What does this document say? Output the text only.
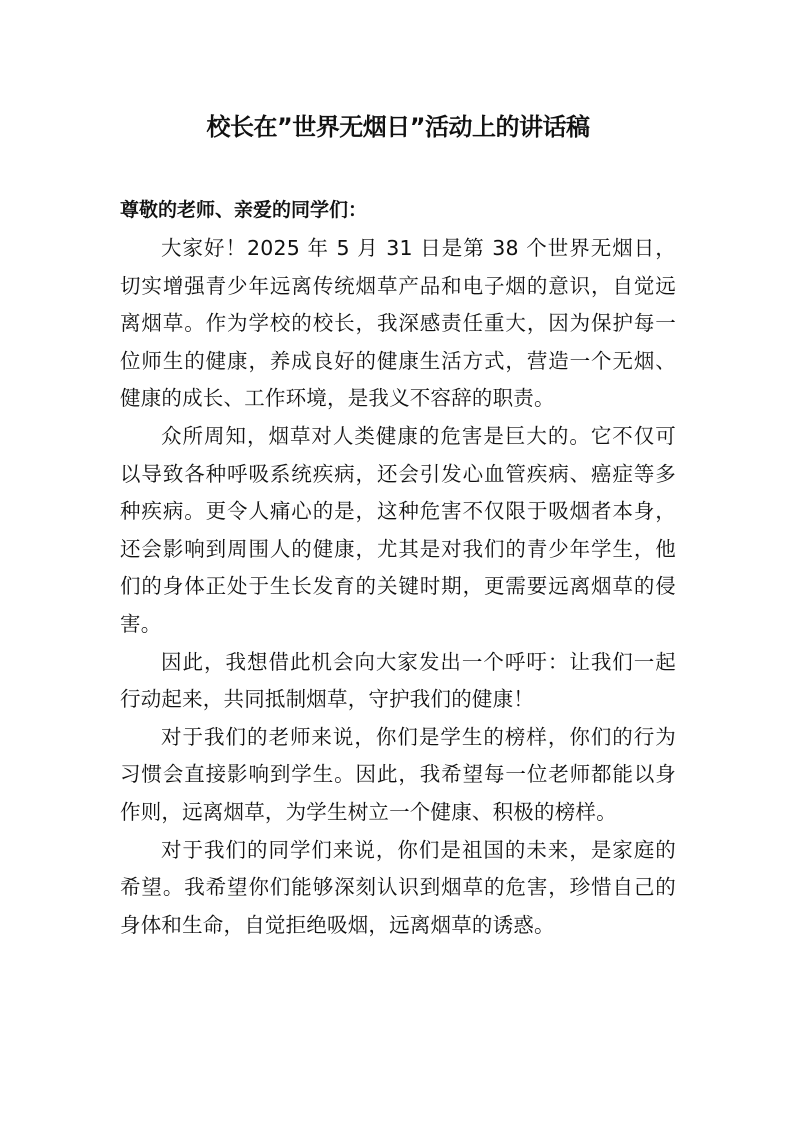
校长在”世界无烟日”活动上的讲话稿
尊敬的老师、亲爱的同学们：

大家好！2025 年 5 月 31 日是第 38 个世界无烟日，切实增强青少年远离传统烟草产品和电子烟的意识，自觉远离烟草。作为学校的校长，我深感责任重大，因为保护每一位师生的健康，养成良好的健康生活方式，营造一个无烟、健康的成长、工作环境，是我义不容辞的职责。

众所周知，烟草对人类健康的危害是巨大的。它不仅可以导致各种呼吸系统疾病，还会引发心血管疾病、癌症等多种疾病。更令人痛心的是，这种危害不仅限于吸烟者本身，还会影响到周围人的健康，尤其是对我们的青少年学生，他们的身体正处于生长发育的关键时期，更需要远离烟草的侵害。

因此，我想借此机会向大家发出一个呼吁：让我们一起行动起来，共同抵制烟草，守护我们的健康！

对于我们的老师来说，你们是学生的榜样，你们的行为习惯会直接影响到学生。因此，我希望每一位老师都能以身作则，远离烟草，为学生树立一个健康、积极的榜样。

对于我们的同学们来说，你们是祖国的未来，是家庭的希望。我希望你们能够深刻认识到烟草的危害，珍惜自己的身体和生命，自觉拒绝吸烟，远离烟草的诱惑。
